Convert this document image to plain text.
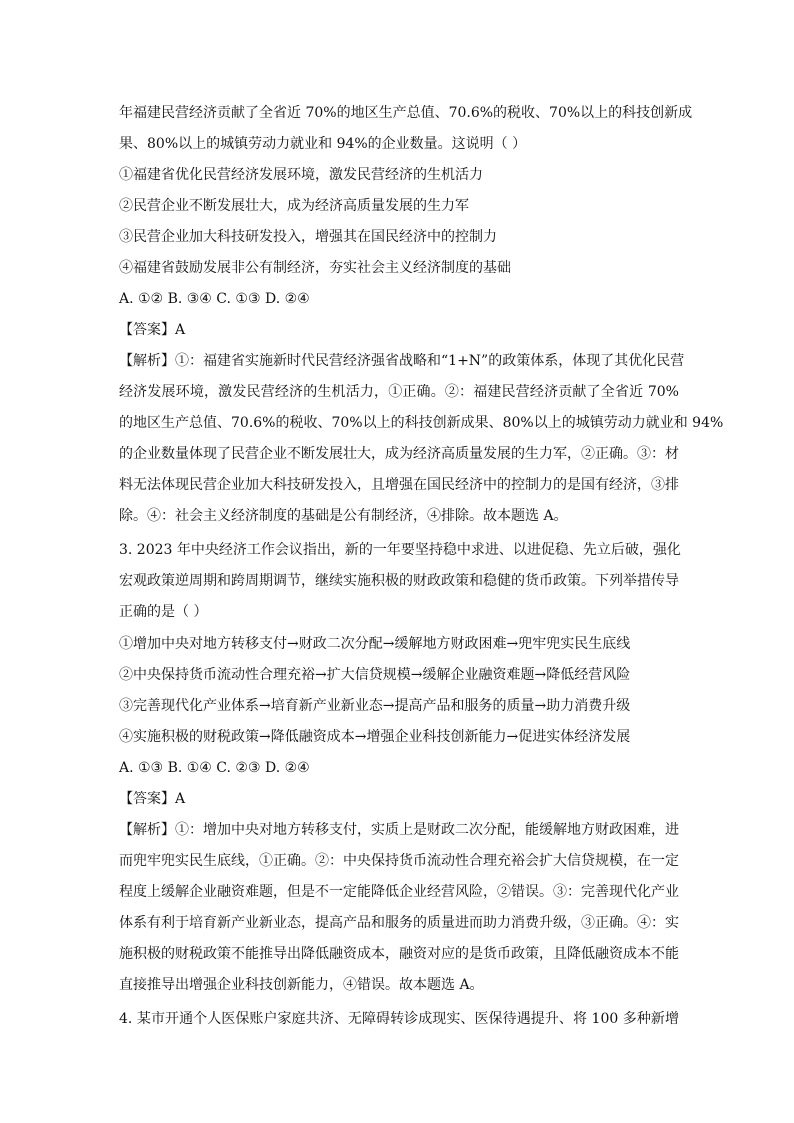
年福建民营经济贡献了全省近 70%的地区生产总值、70.6%的税收、70%以上的科技创新成
果、80%以上的城镇劳动力就业和 94%的企业数量。这说明（ ）
①福建省优化民营经济发展环境，激发民营经济的生机活力
②民营企业不断发展壮大，成为经济高质量发展的生力军
③民营企业加大科技研发投入，增强其在国民经济中的控制力
④福建省鼓励发展非公有制经济，夯实社会主义经济制度的基础
A. ①② B. ③④ C. ①③ D. ②④
【答案】A
【解析】①：福建省实施新时代民营经济强省战略和“1+N”的政策体系，体现了其优化民营
经济发展环境，激发民营经济的生机活力，①正确。②：福建民营经济贡献了全省近 70%
的地区生产总值、70.6%的税收、70%以上的科技创新成果、80%以上的城镇劳动力就业和 94%
的企业数量体现了民营企业不断发展壮大，成为经济高质量发展的生力军，②正确。③：材
料无法体现民营企业加大科技研发投入，且增强在国民经济中的控制力的是国有经济，③排
除。④：社会主义经济制度的基础是公有制经济，④排除。故本题选 A。
3. 2023 年中央经济工作会议指出，新的一年要坚持稳中求进、以进促稳、先立后破，强化
宏观政策逆周期和跨周期调节，继续实施积极的财政政策和稳健的货币政策。下列举措传导
正确的是（ ）
①增加中央对地方转移支付→财政二次分配→缓解地方财政困难→兜牢兜实民生底线
②中央保持货币流动性合理充裕→扩大信贷规模→缓解企业融资难题→降低经营风险
③完善现代化产业体系→培育新产业新业态→提高产品和服务的质量→助力消费升级
④实施积极的财税政策→降低融资成本→增强企业科技创新能力→促进实体经济发展
A. ①③ B. ①④ C. ②③ D. ②④
【答案】A
【解析】①：增加中央对地方转移支付，实质上是财政二次分配，能缓解地方财政困难，进
而兜牢兜实民生底线，①正确。②：中央保持货币流动性合理充裕会扩大信贷规模，在一定
程度上缓解企业融资难题，但是不一定能降低企业经营风险，②错误。③：完善现代化产业
体系有利于培育新产业新业态，提高产品和服务的质量进而助力消费升级，③正确。④：实
施积极的财税政策不能推导出降低融资成本，融资对应的是货币政策，且降低融资成本不能
直接推导出增强企业科技创新能力，④错误。故本题选 A。
4. 某市开通个人医保账户家庭共济、无障碍转诊成现实、医保待遇提升、将 100 多种新增
